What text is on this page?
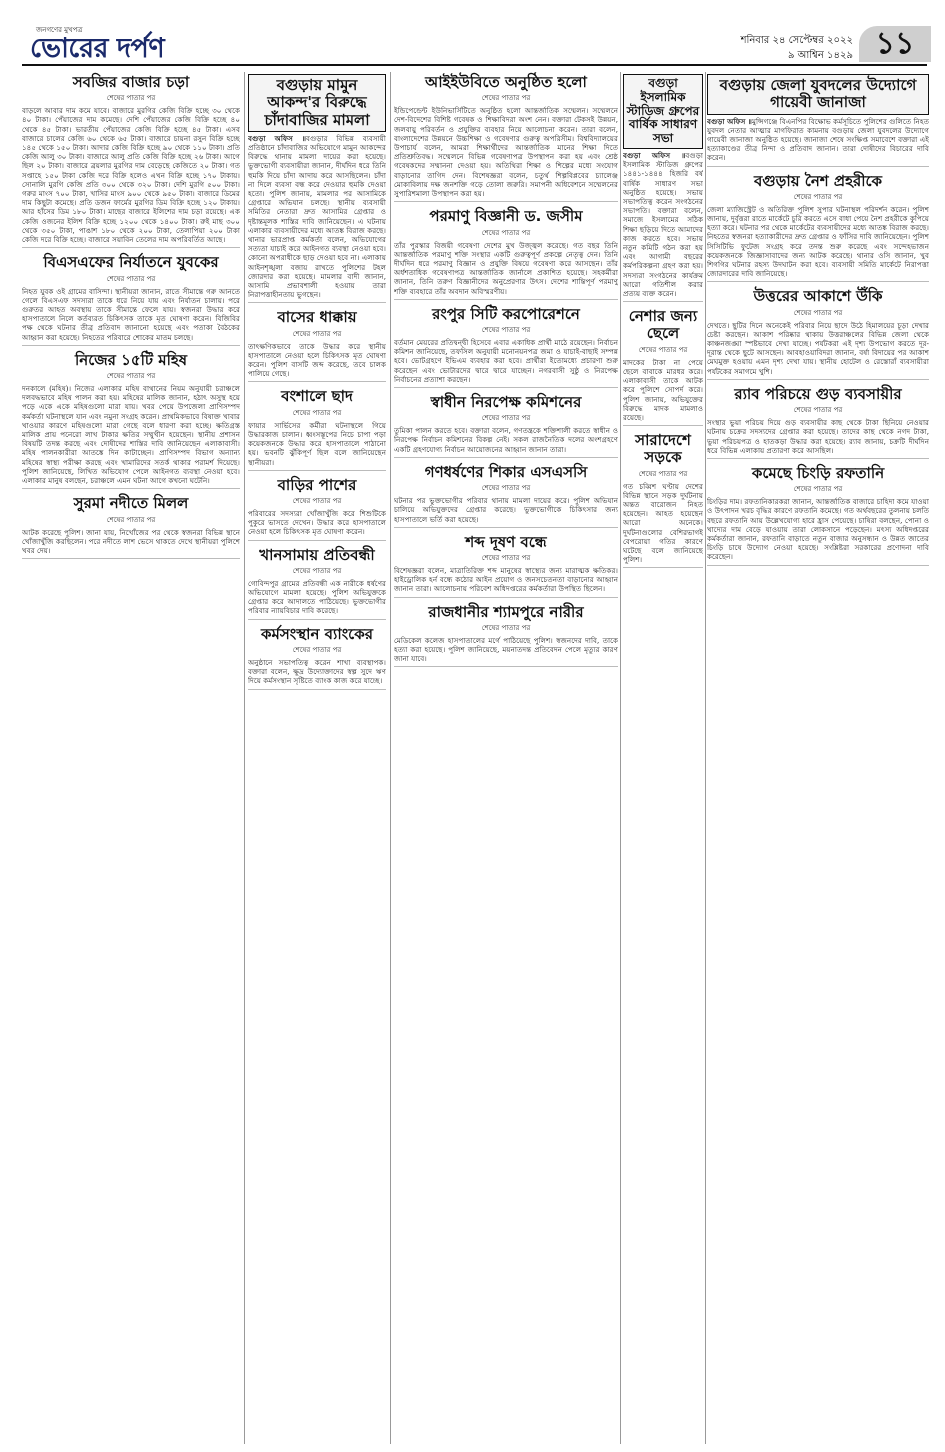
জনগণের মুখপত্র
ভোরের দর্পণ	শনিবার ২৪ সেপ্টেম্বর ২০২২
৯ আশ্বিন ১৪২৯ ১১
সবজির বাজার চড়া
শেষের পাতার পর

বাড়লে আবার দাম কমে যাবে। বাজারে মুরগির কেজি বিক্রি হচ্ছে ৩০ থেকে ৪০ টাকা। পেঁয়াজের দাম কমেছে। দেশি পেঁয়াজের কেজি বিক্রি হচ্ছে ৪০ থেকে ৪৫ টাকা। ভারতীয় পেঁয়াজের কেজি বিক্রি হচ্ছে ৪৫ টাকা। এসব বাজারে চালের কেজি ৬০ থেকে ৬৫ টাকা। বাজারে চায়না রসুন বিক্রি হচ্ছে ১৪৫ থেকে ১৫০ টাকা। আদার কেজি বিক্রি হচ্ছে ৯০ থেকে ১১০ টাকা। প্রতি কেজি আলু ৩০ টাকা। বাজারে আলু প্রতি কেজি বিক্রি হচ্ছে ২৬ টাকা। আগে ছিল ২০ টাকা। বাজারে ব্রয়লার মুরগির দাম বেড়েছে কেজিতে ২০ টাকা। গত সপ্তাহে ১৫০ টাকা কেজি দরে বিক্রি হলেও এখন বিক্রি হচ্ছে ১৭০ টাকায়। সোনালি মুরগি কেজি প্রতি ৩০০ থেকে ৩২০ টাকা। দেশি মুরগি ৫০০ টাকা। গরুর মাংস ৭০০ টাকা, খাসির মাংস ৯০০ থেকে ৯৫০ টাকা। বাজারে ডিমের দাম কিছুটা কমেছে। প্রতি ডজন ফার্মের মুরগির ডিম বিক্রি হচ্ছে ১২০ টাকায়। আর হাঁসের ডিম ১৮০ টাকা। মাছের বাজারে ইলিশের দাম চড়া রয়েছে। এক কেজি ওজনের ইলিশ বিক্রি হচ্ছে ১২০০ থেকে ১৪০০ টাকা। রুই মাছ ৩০০ থেকে ৩৫০ টাকা, পাঙাশ ১৮০ থেকে ২০০ টাকা, তেলাপিয়া ২০০ টাকা কেজি দরে বিক্রি হচ্ছে। বাজারে সয়াবিন তেলের দাম অপরিবর্তিত আছে।

বিএসএফের নির্যাতনে যুবকের
শেষের পাতার পর

নিহত যুবক ওই গ্রামের বাসিন্দা। স্থানীয়রা জানান, রাতে সীমান্তে গরু আনতে গেলে বিএসএফ সদস্যরা তাকে ধরে নিয়ে যায় এবং নির্যাতন চালায়। পরে গুরুতর আহত অবস্থায় তাকে সীমান্তে ফেলে যায়। স্বজনরা উদ্ধার করে হাসপাতালে নিলে কর্তব্যরত চিকিৎসক তাকে মৃত ঘোষণা করেন। বিজিবির পক্ষ থেকে ঘটনার তীব্র প্রতিবাদ জানানো হয়েছে এবং পতাকা বৈঠকের আহ্বান করা হয়েছে। নিহতের পরিবারে শোকের মাতম চলছে।

নিজের ১৫টি মহিষ
শেষের পাতার পর

দনকালে (মহিষ)। নিজের এলাকার মহিষ বাথানের নিয়ম অনুযায়ী চরাঞ্চলে দলবদ্ধভাবে মহিষ পালন করা হয়। মহিষের মালিক জানান, হঠাৎ অসুস্থ হয়ে পড়ে একে একে মহিষগুলো মারা যায়। খবর পেয়ে উপজেলা প্রাণিসম্পদ কর্মকর্তা ঘটনাস্থলে যান এবং নমুনা সংগ্রহ করেন। প্রাথমিকভাবে বিষাক্ত খাবার খাওয়ার কারণে মহিষগুলো মারা গেছে বলে ধারণা করা হচ্ছে। ক্ষতিগ্রস্ত মালিক প্রায় পনেরো লাখ টাকার ক্ষতির সম্মুখীন হয়েছেন। স্থানীয় প্রশাসন বিষয়টি তদন্ত করছে এবং দোষীদের শাস্তির দাবি জানিয়েছেন এলাকাবাসী। মহিষ পালনকারীরা আতঙ্কে দিন কাটাচ্ছেন। প্রাণিসম্পদ বিভাগ অন্যান্য মহিষের স্বাস্থ্য পরীক্ষা করছে এবং খামারিদের সতর্ক থাকার পরামর্শ দিয়েছে। পুলিশ জানিয়েছে, লিখিত অভিযোগ পেলে আইনগত ব্যবস্থা নেওয়া হবে। এলাকার মানুষ বলছেন, চরাঞ্চলে এমন ঘটনা আগে কখনো ঘটেনি।

সুরমা নদীতে মিলল
শেষের পাতার পর

আটক করেছে পুলিশ। জানা যায়, নিখোঁজের পর থেকে স্বজনরা বিভিন্ন স্থানে খোঁজাখুঁজি করছিলেন। পরে নদীতে লাশ ভেসে থাকতে দেখে স্থানীয়রা পুলিশে খবর দেয়।

বগুড়ায় মামুন আকন্দ'র বিরুদ্ধে চাঁদাবাজির মামলা

বগুড়া অফিস ॥বগুড়ার বিভিন্ন ব্যবসায়ী প্রতিষ্ঠানে চাঁদাবাজির অভিযোগে মামুন আকন্দের বিরুদ্ধে থানায় মামলা দায়ের করা হয়েছে। ভুক্তভোগী ব্যবসায়ীরা জানান, দীর্ঘদিন ধরে তিনি হুমকি দিয়ে চাঁদা আদায় করে আসছিলেন। চাঁদা না দিলে ব্যবসা বন্ধ করে দেওয়ার হুমকি দেওয়া হতো। পুলিশ জানায়, মামলার পর আসামিকে গ্রেপ্তারে অভিযান চলছে। স্থানীয় ব্যবসায়ী সমিতির নেতারা দ্রুত আসামির গ্রেপ্তার ও দৃষ্টান্তমূলক শাস্তির দাবি জানিয়েছেন। এ ঘটনায় এলাকার ব্যবসায়ীদের মধ্যে আতঙ্ক বিরাজ করছে। থানার ভারপ্রাপ্ত কর্মকর্তা বলেন, অভিযোগের সত্যতা যাচাই করে আইনগত ব্যবস্থা নেওয়া হবে। কোনো অপরাধীকে ছাড় দেওয়া হবে না। এলাকায় আইনশৃঙ্খলা বজায় রাখতে পুলিশের টহল জোরদার করা হয়েছে। মামলার বাদী জানান, আসামি প্রভাবশালী হওয়ায় তারা নিরাপত্তাহীনতায় ভুগছেন।

বাসের ধাক্কায়
শেষের পাতার পর

তাৎক্ষণিকভাবে তাকে উদ্ধার করে স্থানীয় হাসপাতালে নেওয়া হলে চিকিৎসক মৃত ঘোষণা করেন। পুলিশ বাসটি জব্দ করেছে, তবে চালক পালিয়ে গেছে।

বংশালে ছাদ
শেষের পাতার পর

ফায়ার সার্ভিসের কর্মীরা ঘটনাস্থলে গিয়ে উদ্ধারকাজ চালান। ধ্বংসস্তূপের নিচে চাপা পড়া কয়েকজনকে উদ্ধার করে হাসপাতালে পাঠানো হয়। ভবনটি ঝুঁকিপূর্ণ ছিল বলে জানিয়েছেন স্থানীয়রা।

বাড়ির পাশের
শেষের পাতার পর

পরিবারের সদস্যরা খোঁজাখুঁজি করে শিশুটিকে পুকুরে ভাসতে দেখেন। উদ্ধার করে হাসপাতালে নেওয়া হলে চিকিৎসক মৃত ঘোষণা করেন।

খানসামায় প্রতিবন্ধী
শেষের পাতার পর

গোবিন্দপুর গ্রামের প্রতিবন্ধী এক নারীকে ধর্ষণের অভিযোগে মামলা হয়েছে। পুলিশ অভিযুক্তকে গ্রেপ্তার করে আদালতে পাঠিয়েছে। ভুক্তভোগীর পরিবার ন্যায়বিচার দাবি করেছে।

কর্মসংস্থান ব্যাংকের
শেষের পাতার পর

অনুষ্ঠানে সভাপতিত্ব করেন শাখা ব্যবস্থাপক। বক্তারা বলেন, ক্ষুদ্র উদ্যোক্তাদের স্বল্প সুদে ঋণ দিয়ে কর্মসংস্থান সৃষ্টিতে ব্যাংক কাজ করে যাচ্ছে।

আইইউবিতে অনুষ্ঠিত হলো
শেষের পাতার পর

ইন্ডিপেন্ডেন্ট ইউনিভার্সিটিতে অনুষ্ঠিত হলো আন্তর্জাতিক সম্মেলন। সম্মেলনে দেশ-বিদেশের বিশিষ্ট গবেষক ও শিক্ষাবিদরা অংশ নেন। বক্তারা টেকসই উন্নয়ন, জলবায়ু পরিবর্তন ও প্রযুক্তির ব্যবহার নিয়ে আলোচনা করেন। তারা বলেন, বাংলাদেশের উন্নয়নে উচ্চশিক্ষা ও গবেষণার গুরুত্ব অপরিসীম। বিশ্ববিদ্যালয়ের উপাচার্য বলেন, আমরা শিক্ষার্থীদের আন্তর্জাতিক মানের শিক্ষা দিতে প্রতিশ্রুতিবদ্ধ। সম্মেলনে বিভিন্ন গবেষণাপত্র উপস্থাপন করা হয় এবং শ্রেষ্ঠ গবেষকদের সম্মাননা দেওয়া হয়। অতিথিরা শিক্ষা ও শিল্পের মধ্যে সংযোগ বাড়ানোর তাগিদ দেন। বিশেষজ্ঞরা বলেন, চতুর্থ শিল্পবিপ্লবের চ্যালেঞ্জ মোকাবিলায় দক্ষ জনশক্তি গড়ে তোলা জরুরি। সমাপনী অধিবেশনে সম্মেলনের সুপারিশমালা উপস্থাপন করা হয়।

পরমাণু বিজ্ঞানী ড. জসীম
শেষের পাতার পর

তাঁর পুরস্কার বিজয়ী গবেষণা দেশের মুখ উজ্জ্বল করেছে। গত বছর তিনি আন্তর্জাতিক পরমাণু শক্তি সংস্থার একটি গুরুত্বপূর্ণ প্রকল্পে নেতৃত্ব দেন। তিনি দীর্ঘদিন ধরে পরমাণু বিজ্ঞান ও প্রযুক্তি বিষয়ে গবেষণা করে আসছেন। তাঁর অর্ধশতাধিক গবেষণাপত্র আন্তর্জাতিক জার্নালে প্রকাশিত হয়েছে। সহকর্মীরা জানান, তিনি তরুণ বিজ্ঞানীদের অনুপ্রেরণার উৎস। দেশের শান্তিপূর্ণ পরমাণু শক্তি ব্যবহারে তাঁর অবদান অবিস্মরণীয়।

রংপুর সিটি করপোরেশনে
শেষের পাতার পর

বর্তমান মেয়রের প্রতিদ্বন্দ্বী হিসেবে এবার একাধিক প্রার্থী মাঠে রয়েছেন। নির্বাচন কমিশন জানিয়েছে, তফসিল অনুযায়ী মনোনয়নপত্র জমা ও যাচাই-বাছাই সম্পন্ন হবে। ভোটগ্রহণে ইভিএম ব্যবহার করা হবে। প্রার্থীরা ইতোমধ্যে প্রচারণা শুরু করেছেন এবং ভোটারদের দ্বারে দ্বারে যাচ্ছেন। নগরবাসী সুষ্ঠু ও নিরপেক্ষ নির্বাচনের প্রত্যাশা করছেন।

স্বাধীন নিরপেক্ষ কমিশনের
শেষের পাতার পর

তুমিকা পালন করতে হবে। বক্তারা বলেন, গণতন্ত্রকে শক্তিশালী করতে স্বাধীন ও নিরপেক্ষ নির্বাচন কমিশনের বিকল্প নেই। সকল রাজনৈতিক দলের অংশগ্রহণে একটি গ্রহণযোগ্য নির্বাচন আয়োজনের আহ্বান জানান তারা।

গণধর্ষণের শিকার এসএসসি
শেষের পাতার পর

ঘটনার পর ভুক্তভোগীর পরিবার থানায় মামলা দায়ের করে। পুলিশ অভিযান চালিয়ে অভিযুক্তদের গ্রেপ্তার করেছে। ভুক্তভোগীকে চিকিৎসার জন্য হাসপাতালে ভর্তি করা হয়েছে।

শব্দ দূষণ বন্ধে
শেষের পাতার পর

বিশেষজ্ঞরা বলেন, মাত্রাতিরিক্ত শব্দ মানুষের স্বাস্থ্যের জন্য মারাত্মক ক্ষতিকর। হাইড্রোলিক হর্ন বন্ধে কঠোর আইন প্রয়োগ ও জনসচেতনতা বাড়ানোর আহ্বান জানান তারা। আলোচনায় পরিবেশ অধিদপ্তরের কর্মকর্তারা উপস্থিত ছিলেন।

রাজধানীর শ্যামপুরে নারীর
শেষের পাতার পর

মেডিকেল কলেজ হাসপাতালের মর্গে পাঠিয়েছে পুলিশ। স্বজনদের দাবি, তাকে হত্যা করা হয়েছে। পুলিশ জানিয়েছে, ময়নাতদন্ত প্রতিবেদন পেলে মৃত্যুর কারণ জানা যাবে।

বগুড়া ইসলামিক স্টাডিজ গ্রুপের বার্ষিক সাধারণ সভা

বগুড়া অফিস ॥বগুড়া ইসলামিক স্টাডিজ গ্রুপের ১৪৪১-১৪৪৪ হিজরি বর্ষ বার্ষিক সাধারণ সভা অনুষ্ঠিত হয়েছে। সভায় সভাপতিত্ব করেন সংগঠনের সভাপতি। বক্তারা বলেন, সমাজে ইসলামের সঠিক শিক্ষা ছড়িয়ে দিতে আমাদের কাজ করতে হবে। সভায় নতুন কমিটি গঠন করা হয় এবং আগামী বছরের কর্মপরিকল্পনা গ্রহণ করা হয়। সদস্যরা সংগঠনের কার্যক্রম আরো গতিশীল করার প্রত্যয় ব্যক্ত করেন।

নেশার জন্য ছেলে
শেষের পাতার পর

মাদকের টাকা না পেয়ে ছেলে বাবাকে মারধর করে। এলাকাবাসী তাকে আটক করে পুলিশে সোপর্দ করে। পুলিশ জানায়, অভিযুক্তের বিরুদ্ধে মাদক মামলাও রয়েছে।

সারাদেশে সড়কে
শেষের পাতার পর

গত চব্বিশ ঘণ্টায় দেশের বিভিন্ন স্থানে সড়ক দুর্ঘটনায় অন্তত বারোজন নিহত হয়েছেন। আহত হয়েছেন আরো অনেকে। দুর্ঘটনাগুলোর বেশিরভাগই বেপরোয়া গতির কারণে ঘটেছে বলে জানিয়েছে পুলিশ।

বগুড়ায় জেলা যুবদলের উদ্যোগে গায়েবী জানাজা

বগুড়া অফিস ॥মুন্সিগঞ্জে বিএনপির বিক্ষোভ কর্মসূচিতে পুলিশের গুলিতে নিহত যুবদল নেতার আত্মার মাগফিরাত কামনায় বগুড়ায় জেলা যুবদলের উদ্যোগে গায়েবী জানাজা অনুষ্ঠিত হয়েছে। জানাজা শেষে সংক্ষিপ্ত সমাবেশে বক্তারা এই হত্যাকাণ্ডের তীব্র নিন্দা ও প্রতিবাদ জানান। তারা দোষীদের বিচারের দাবি করেন।

বগুড়ায় নৈশ প্রহরীকে
শেষের পাতার পর

জেলা ম্যাজিস্ট্রেট ও অতিরিক্ত পুলিশ সুপার ঘটনাস্থল পরিদর্শন করেন। পুলিশ জানায়, দুর্বৃত্তরা রাতে মার্কেটে চুরি করতে এসে বাধা পেয়ে নৈশ প্রহরীকে কুপিয়ে হত্যা করে। ঘটনার পর থেকে মার্কেটের ব্যবসায়ীদের মধ্যে আতঙ্ক বিরাজ করছে। নিহতের স্বজনরা হত্যাকারীদের দ্রুত গ্রেপ্তার ও ফাঁসির দাবি জানিয়েছেন। পুলিশ সিসিটিভি ফুটেজ সংগ্রহ করে তদন্ত শুরু করেছে এবং সন্দেহভাজন কয়েকজনকে জিজ্ঞাসাবাদের জন্য আটক করেছে। থানার ওসি জানান, খুব শিগগির ঘটনার রহস্য উদঘাটন করা হবে। ব্যবসায়ী সমিতি মার্কেটে নিরাপত্তা জোরদারের দাবি জানিয়েছে।

উত্তরের আকাশে উঁকি
শেষের পাতার পর

দেখতে। ছুটির দিনে অনেকেই পরিবার নিয়ে ছাদে উঠে হিমালয়ের চূড়া দেখার চেষ্টা করছেন। আকাশ পরিষ্কার থাকায় উত্তরাঞ্চলের বিভিন্ন জেলা থেকে কাঞ্চনজঙ্ঘা স্পষ্টভাবে দেখা যাচ্ছে। পর্যটকরা এই দৃশ্য উপভোগ করতে দূর-দূরান্ত থেকে ছুটে আসছেন। আবহাওয়াবিদরা জানান, বর্ষা বিদায়ের পর আকাশ মেঘমুক্ত হওয়ায় এমন দৃশ্য দেখা যায়। স্থানীয় হোটেল ও রেস্তোরাঁ ব্যবসায়ীরা পর্যটকের সমাগমে খুশি।

র‍্যাব পরিচয়ে গুড় ব্যবসায়ীর
শেষের পাতার পর

সংস্থার ভুয়া পরিচয় দিয়ে গুড় ব্যবসায়ীর কাছ থেকে টাকা ছিনিয়ে নেওয়ার ঘটনায় চক্রের সদস্যদের গ্রেপ্তার করা হয়েছে। তাদের কাছ থেকে নগদ টাকা, ভুয়া পরিচয়পত্র ও হাতকড়া উদ্ধার করা হয়েছে। র‍্যাব জানায়, চক্রটি দীর্ঘদিন ধরে বিভিন্ন এলাকায় প্রতারণা করে আসছিল।

কমেছে চিংড়ি রফতানি
শেষের পাতার পর

চিংড়ির দাম। রফতানিকারকরা জানান, আন্তর্জাতিক বাজারে চাহিদা কমে যাওয়া ও উৎপাদন খরচ বৃদ্ধির কারণে রফতানি কমেছে। গত অর্থবছরের তুলনায় চলতি বছরে রফতানি আয় উল্লেখযোগ্য হারে হ্রাস পেয়েছে। চাষিরা বলছেন, পোনা ও খাদ্যের দাম বেড়ে যাওয়ায় তারা লোকসানে পড়েছেন। মৎস্য অধিদপ্তরের কর্মকর্তারা জানান, রফতানি বাড়াতে নতুন বাজার অনুসন্ধান ও উন্নত জাতের চিংড়ি চাষে উদ্যোগ নেওয়া হয়েছে। সংশ্লিষ্টরা সরকারের প্রণোদনা দাবি করেছেন।
